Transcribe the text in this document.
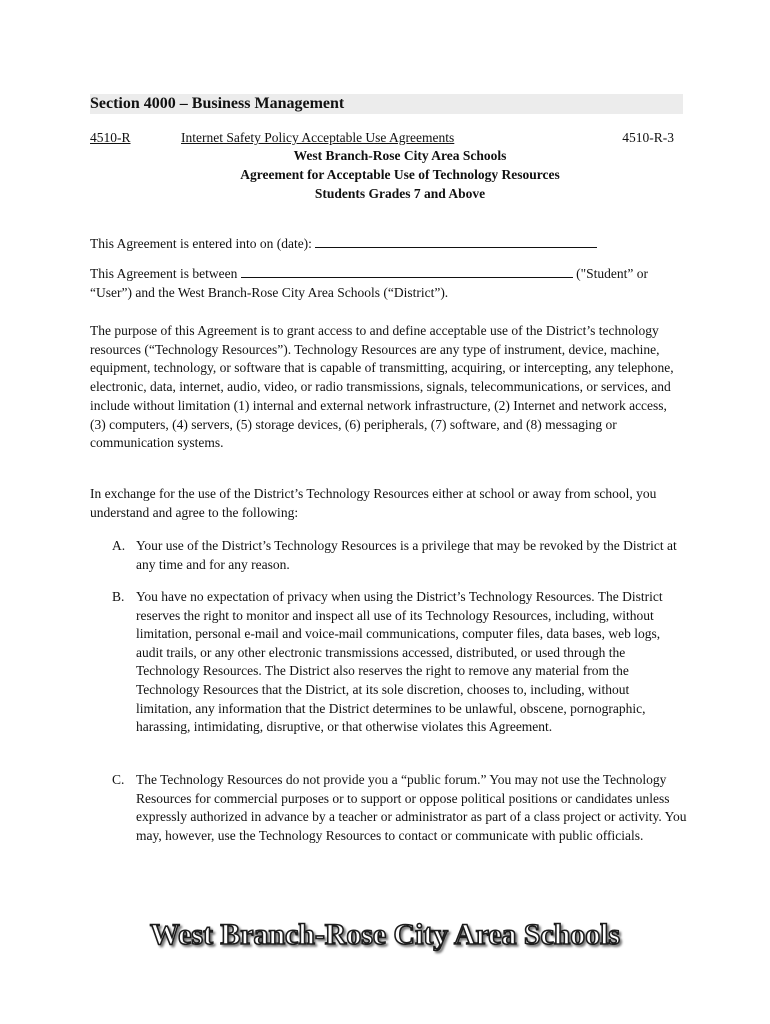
Section 4000 – Business Management
4510-R	Internet Safety Policy Acceptable Use Agreements	4510-R-3
West Branch-Rose City Area Schools
Agreement for Acceptable Use of Technology Resources
Students Grades 7 and Above
This Agreement is entered into on (date):
This Agreement is between	("Student” or
“User”) and the West Branch-Rose City Area Schools (“District”).
The purpose of this Agreement is to grant access to and define acceptable use of the District’s technology resources (“Technology Resources”). Technology Resources are any type of instrument, device, machine, equipment, technology, or software that is capable of transmitting, acquiring, or intercepting, any telephone, electronic, data, internet, audio, video, or radio transmissions, signals, telecommunications, or services, and include without limitation (1) internal and external network infrastructure, (2) Internet and network access, (3) computers, (4) servers, (5) storage devices, (6) peripherals, (7) software, and (8) messaging or communication systems.
In exchange for the use of the District’s Technology Resources either at school or away from school, you understand and agree to the following:
A. Your use of the District’s Technology Resources is a privilege that may be revoked by the District at any time and for any reason.
B. You have no expectation of privacy when using the District’s Technology Resources. The District reserves the right to monitor and inspect all use of its Technology Resources, including, without limitation, personal e-mail and voice-mail communications, computer files, data bases, web logs, audit trails, or any other electronic transmissions accessed, distributed, or used through the Technology Resources. The District also reserves the right to remove any material from the Technology Resources that the District, at its sole discretion, chooses to, including, without limitation, any information that the District determines to be unlawful, obscene, pornographic, harassing, intimidating, disruptive, or that otherwise violates this Agreement.
C. The Technology Resources do not provide you a “public forum.” You may not use the Technology Resources for commercial purposes or to support or oppose political positions or candidates unless expressly authorized in advance by a teacher or administrator as part of a class project or activity. You may, however, use the Technology Resources to contact or communicate with public officials.
West Branch-Rose City Area Schools
